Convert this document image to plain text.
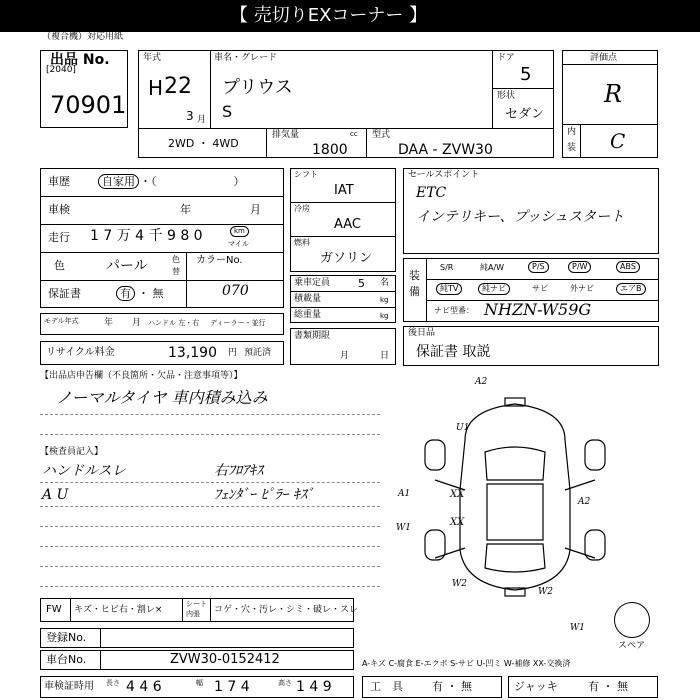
【 売切りEXコーナー 】
（複合機）対応用紙
出品 No.
[2040]
70901
年式
H 22
3 月
車名・グレード
プリウス
S
ドア
5
形状
セダン
2WD ・ 4WD
排気量	cc
1800
型式
DAA - ZVW30
評価点
R
内
装 C
車歴	自家用 ・（　　　　　　　）
車検	年	月
走行 1 7 万 4 千 9 8 0	km
マイル
色	パール	色
替
カラーNo.
070
保証書	有 ・ 無
モデル年式	年 月 ハンドル 左・右 ディーラー・並行
シフト
IAT
冷房
AAC
燃料
ガソリン
乗車定員	5 名
積載量	kg
総重量	kg
書類期限
月	日
セールスポイント
ETC
インテリキー、プッシュスタート
装
備
S/R	純A/W	P/S	P/W	ABS
純TV	純ナビ	サビ	外ナビ	エアB
ナビ型番： NHZN-W59G
後日品
保証書 取説
リサイクル料金	13,190 円 預託済
【出品店申告欄（不良箇所・欠品・注意事項等）】
ノーマルタイヤ 車内積み込み
【検査員記入】
ハンドルスレ
A U
右ﾌﾛｱｷｽ
ﾌｪﾝﾀﾞｰ ﾋﾟﾗｰ ｷｽﾞ
A2
U1
A1
W1
XX
A2
W2
XX
W2
スペア
W1
FW キズ・ヒビ右・割レ×
シート
内張 コゲ・穴・汚レ・シミ・破レ・スレ
登録No.
車台No.	ZVW30-0152412	A-キズ C-腐食 E-エクボ S-サビ U-凹ミ W-補修 XX-交換済
車検証時用 長さ 4 4 6	幅 1 7 4	高さ 1 4 9	工　具	有 ・ 無	ジャッキ	有 ・ 無
